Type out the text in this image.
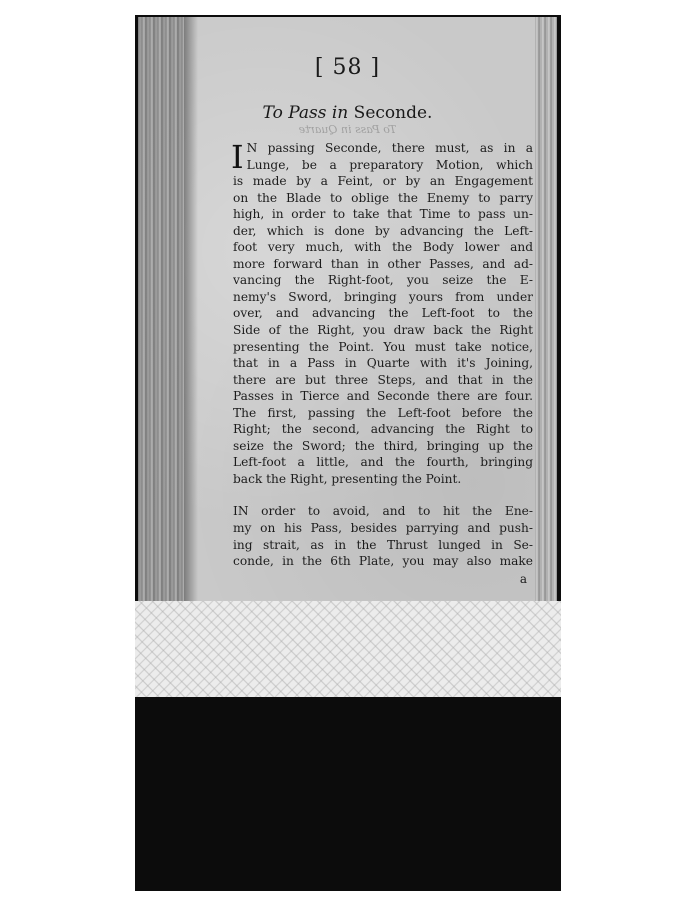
[ 58 ]
To Pass in Seconde.
To Pass in Quarte
I N passing Seconde, there must, as in a
Lunge, be a preparatory Motion, which
is made by a Feint, or by an Engagement
on the Blade to oblige the Enemy to parry
high, in order to take that Time to pass un-
der, which is done by advancing the Left-
foot very much, with the Body lower and
more forward than in other Passes, and ad-
vancing the Right-foot, you seize the E-
nemy's Sword, bringing yours from under
over, and advancing the Left-foot to the
Side of the Right, you draw back the Right
presenting the Point. You must take notice,
that in a Pass in Quarte with it's Joining,
there are but three Steps, and that in the
Passes in Tierce and Seconde there are four.
The first, passing the Left-foot before the
Right; the second, advancing the Right to
seize the Sword; the third, bringing up the
Left-foot a little, and the fourth, bringing
back the Right, presenting the Point.
IN order to avoid, and to hit the Ene-
my on his Pass, besides parrying and push-
ing strait, as in the Thrust lunged in Se-
conde, in the 6th Plate, you may also make
a
